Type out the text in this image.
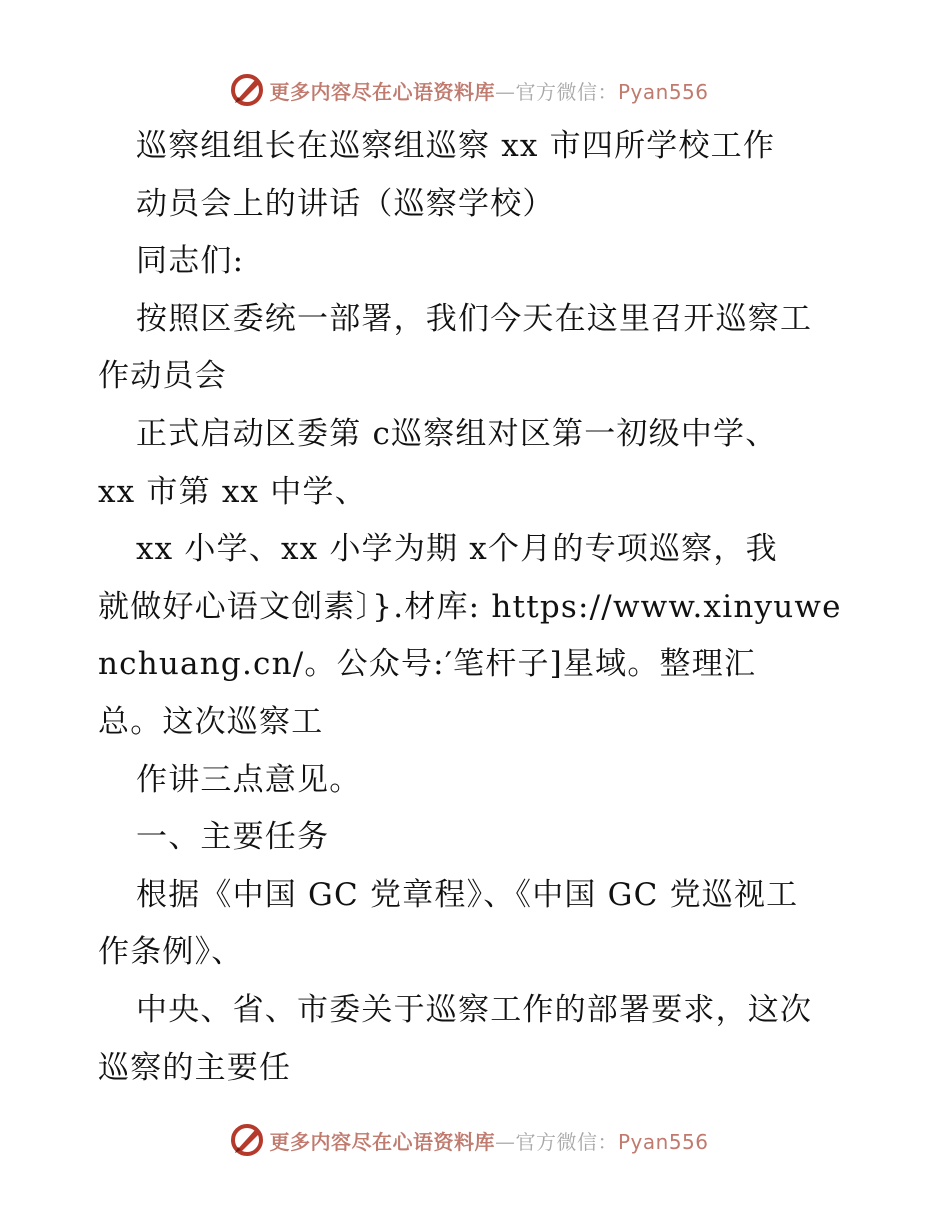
更多内容尽在心语资料库—官方微信：Pyan556
巡察组组长在巡察组巡察 xx 市四所学校工作
动员会上的讲话（巡察学校）
同志们:
按照区委统一部署，我们今天在这里召开巡察工
作动员会
正式启动区委第 c巡察组对区第一初级中学、
xx 市第 xx 中学、
xx 小学、xx 小学为期 x个月的专项巡察，我
就做好心语文创素〕}.材库: https://www.xinyuwe
nchuang.cn/。公众号:′笔杆子]星域。整理汇
总。这次巡察工
作讲三点意见。
一、主要任务
根据《中国 GC 党章程》、《中国 GC 党巡视工
作条例》、
中央、省、市委关于巡察工作的部署要求，这次
巡察的主要任
更多内容尽在心语资料库—官方微信：Pyan556
